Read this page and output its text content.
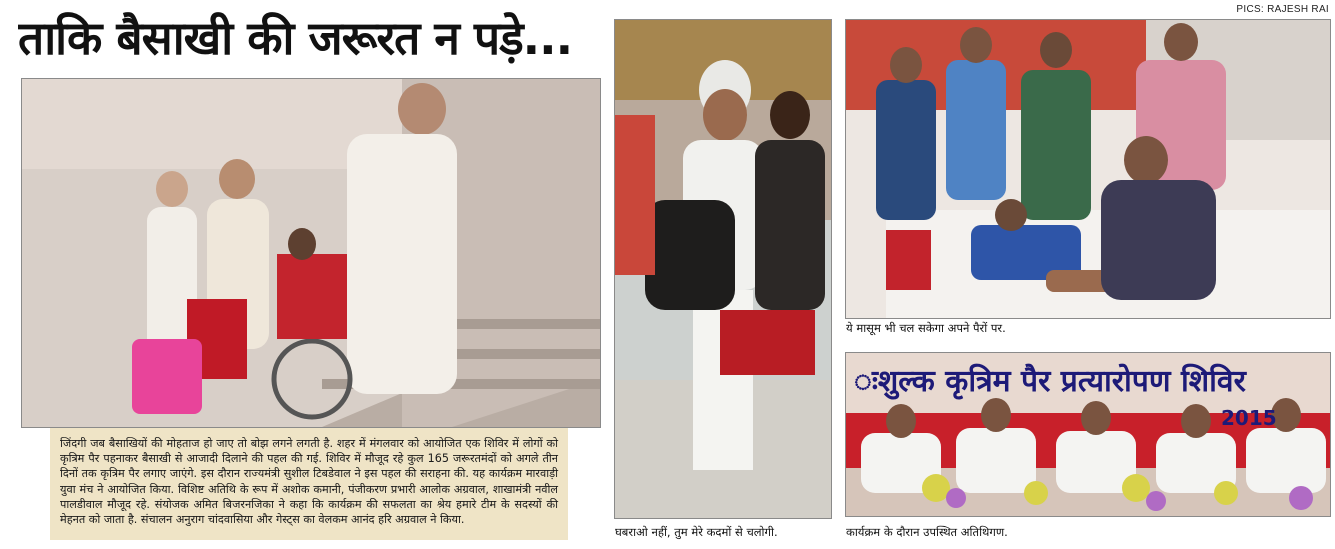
ताकि बैसाखी की जरूरत न पड़े...
PICS: RAJESH RAI
ःशुल्क कृत्रिम पैर प्रत्यारोपण शिविर
2015
जिंदगी जब बैसाखियों की मोहताज हो जाए तो बोझ लगने लगती है. शहर में मंगलवार को आयोजित एक शिविर में लोगों को कृत्रिम पैर पहनाकर बैसाखी से आजादी दिलाने की पहल की गई. शिविर में मौजूद रहे कुल 165 जरूरतमंदों को अगले तीन दिनों तक कृत्रिम पैर लगाए जाएंगे. इस दौरान राज्यमंत्री सुशील टिबडेवाल ने इस पहल की सराहना की. यह कार्यक्रम मारवाड़ी युवा मंच ने आयोजित किया. विशिष्ट अतिथि के रूप में अशोक कमानी, पंजीकरण प्रभारी आलोक अग्रवाल, शाखामंत्री नवील पालडीवाल मौजूद रहे. संयोजक अमित बिजरनजिका ने कहा कि कार्यक्रम की सफलता का श्रेय हमारे टीम के सदस्यों की मेहनत को जाता है. संचालन अनुराग चांदवासिया और गेस्ट्स का वेलकम आनंद हरि अग्रवाल ने किया.
घबराओ नहीं, तुम मेरे कदमों से चलोगी.
ये मासूम भी चल सकेगा अपने पैरों पर.
कार्यक्रम के दौरान उपस्थित अतिथिगण.
